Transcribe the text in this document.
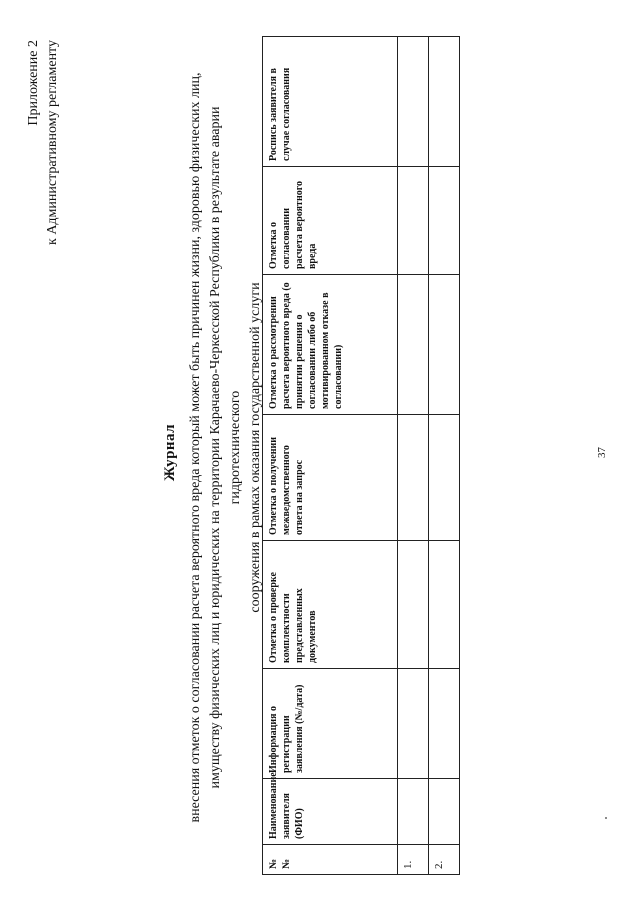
Приложение 2 к Административному регламенту
Журнал внесения отметок о согласовании расчета вероятного вреда который может быть причинен жизни, здоровью физических лиц, имуществу физических лиц и юридических на территории Карачаево-Черкесской Республики в результате аварии гидротехнического сооружения в рамках оказания государственной услуги
№№	Наименование заявителя (ФИО)	Информация о регистрации заявления (№/дата)	Отметка о проверке комплектности представленных документов	Отметка о получении межведомственного ответа на запрос	Отметка о рассмотрении расчета вероятного вреда (о принятии решения о согласовании либо об мотивированном отказе в согласовании)	Отметка о согласовании расчета вероятного вреда	Роспись заявителя в случае согласования
1.							
2.							
37
